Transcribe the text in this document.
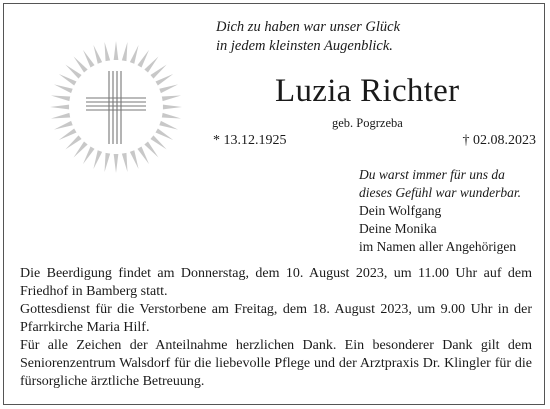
Dich zu haben war unser Glück
in jedem kleinsten Augenblick.
Luzia Richter
geb. Pogrzeba
* 13.12.1925	† 02.08.2023
Du warst immer für uns da
dieses Gefühl war wunderbar.
Dein Wolfgang
Deine Monika
im Namen aller Angehörigen

Die Beerdigung findet am Donnerstag, dem 10. August 2023, um 11.00 Uhr auf dem Friedhof in Bamberg statt.

Gottesdienst für die Verstorbene am Freitag, dem 18. August 2023, um 9.00 Uhr in der Pfarrkirche Maria Hilf.

Für alle Zeichen der Anteilnahme herzlichen Dank. Ein besonderer Dank gilt dem Seniorenzentrum Walsdorf für die liebevolle Pflege und der Arztpraxis Dr. Klingler für die fürsorgliche ärztliche Betreuung.
